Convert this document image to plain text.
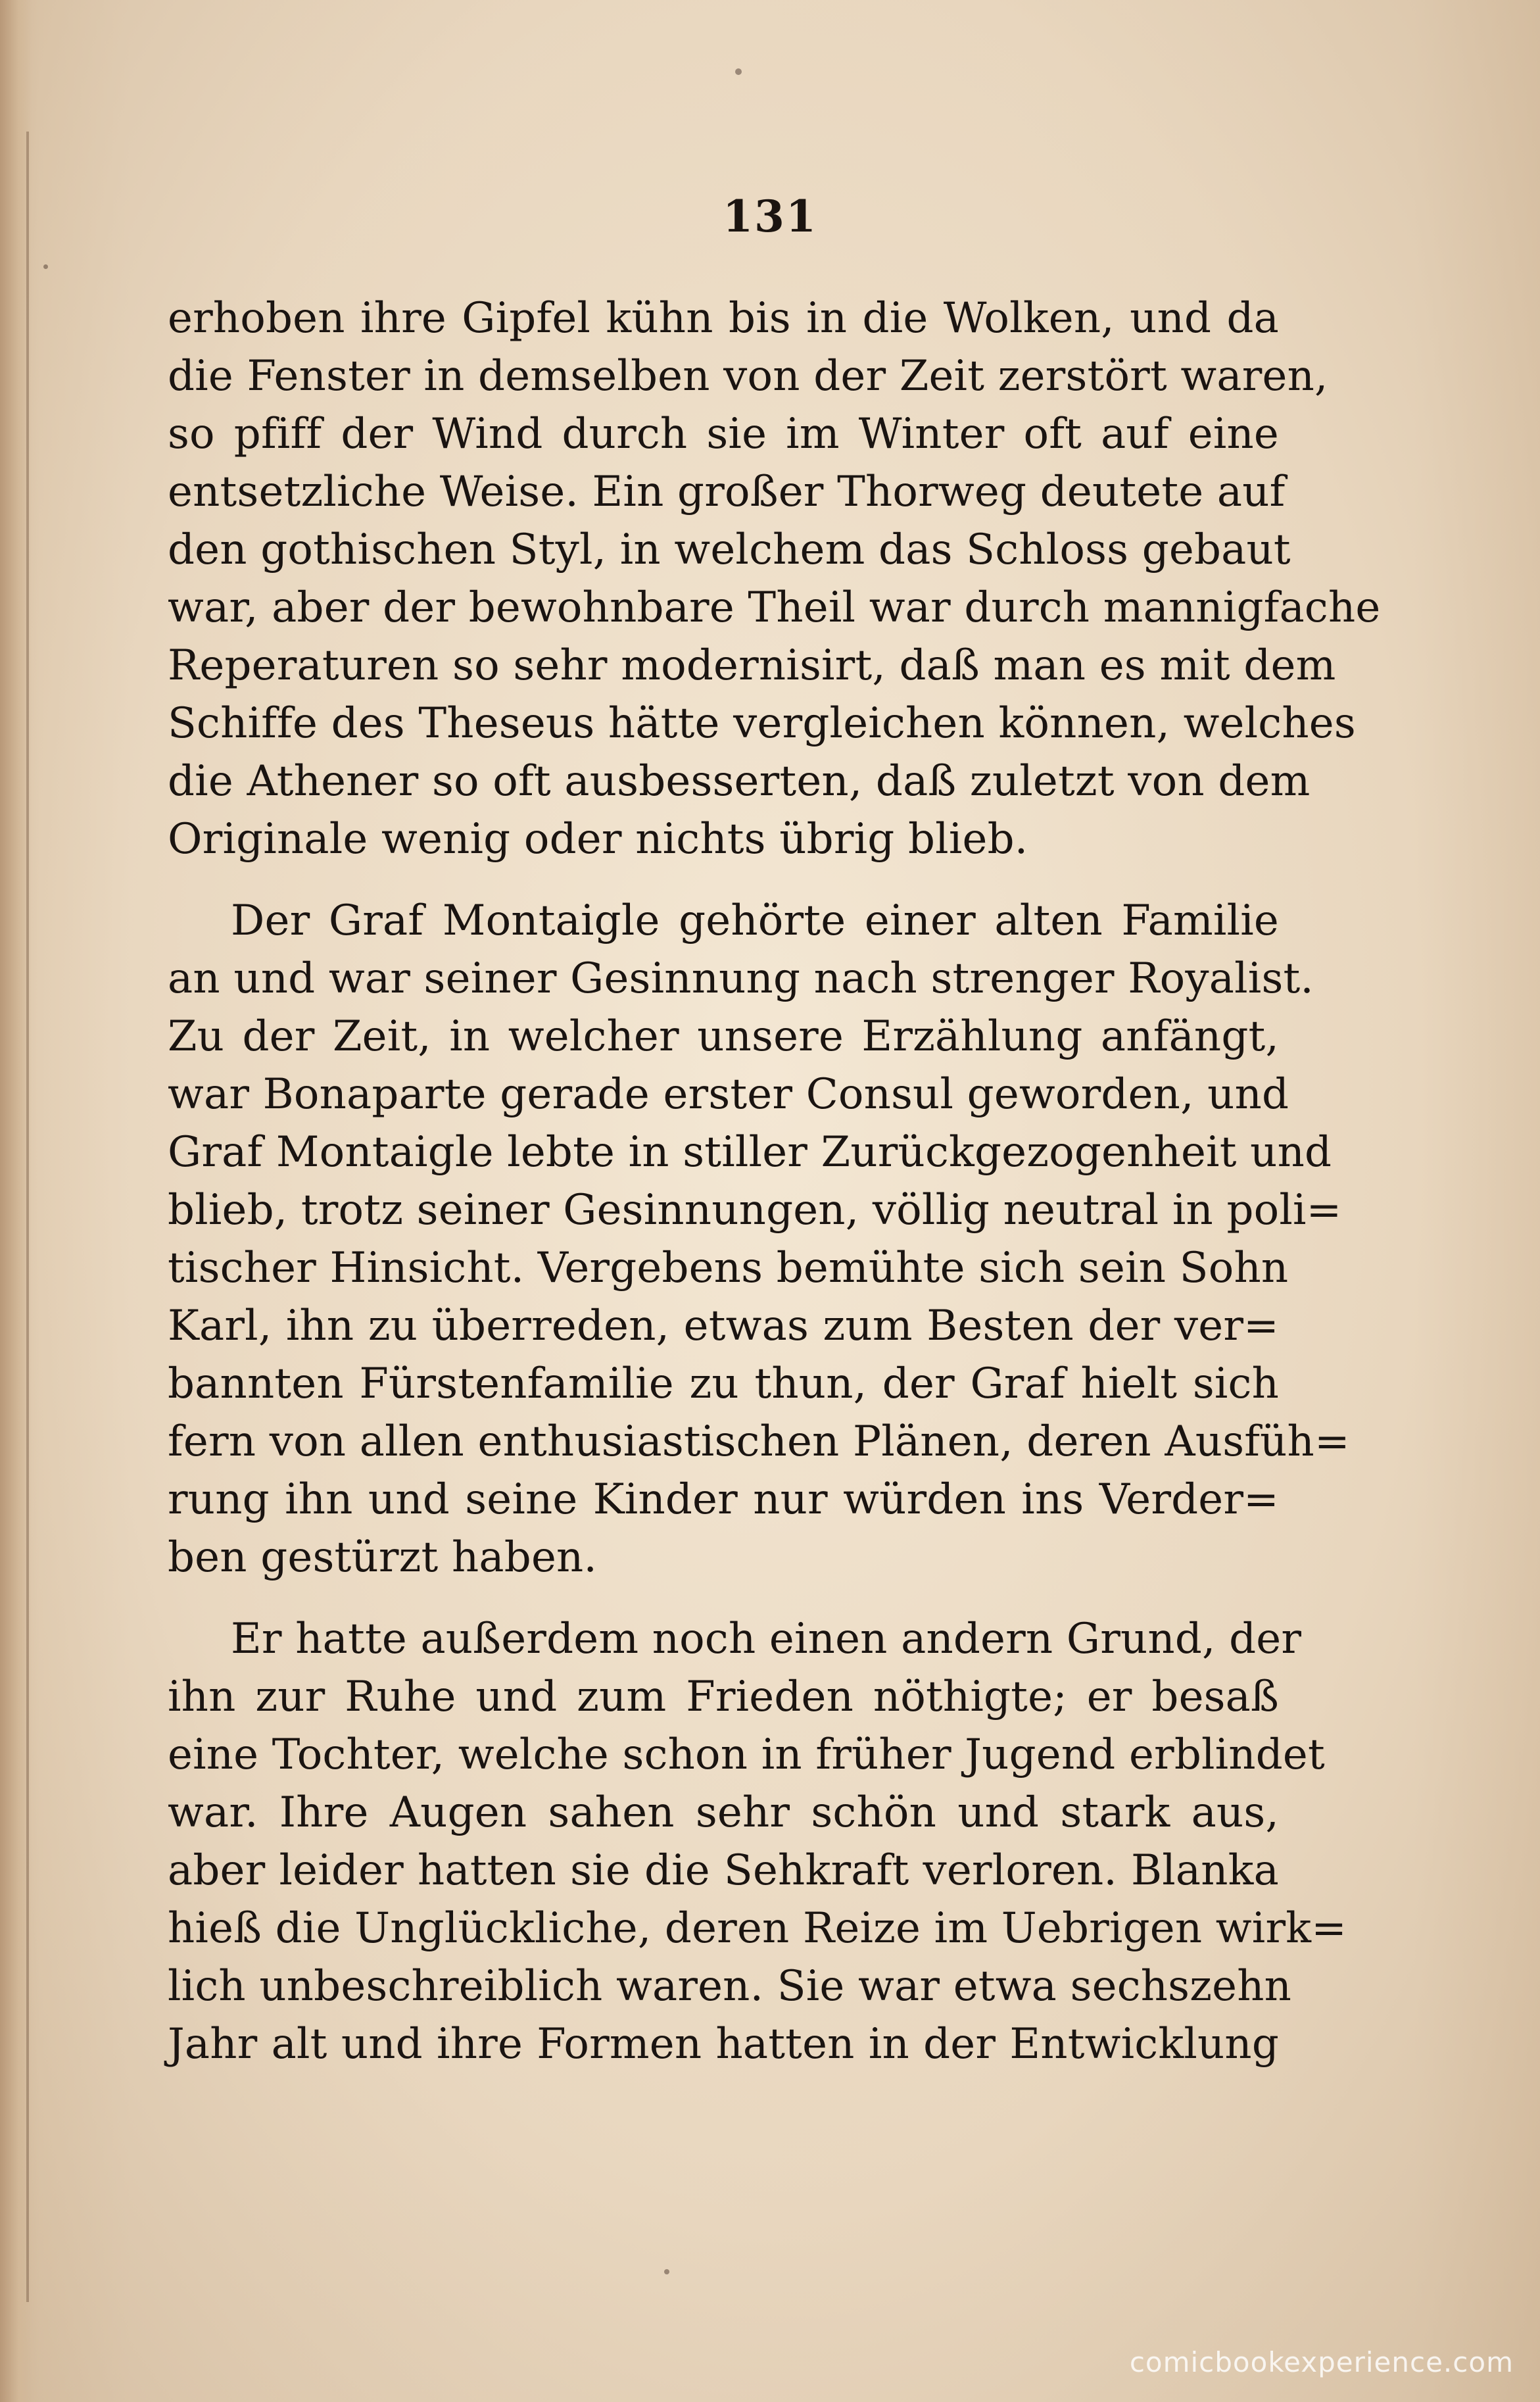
131
erhoben ihre Gipfel kühn bis in die Wolken, und da
die Fenster in demselben von der Zeit zerstört waren,
so pfiff der Wind durch sie im Winter oft auf eine
entsetzliche Weise. Ein großer Thorweg deutete auf
den gothischen Styl, in welchem das Schloss gebaut
war, aber der bewohnbare Theil war durch mannigfache
Reperaturen so sehr modernisirt, daß man es mit dem
Schiffe des Theseus hätte vergleichen können, welches
die Athener so oft ausbesserten, daß zuletzt von dem
Originale wenig oder nichts übrig blieb.
Der Graf Montaigle gehörte einer alten Familie
an und war seiner Gesinnung nach strenger Royalist.
Zu der Zeit, in welcher unsere Erzählung anfängt,
war Bonaparte gerade erster Consul geworden, und
Graf Montaigle lebte in stiller Zurückgezogenheit und
blieb, trotz seiner Gesinnungen, völlig neutral in poli=
tischer Hinsicht. Vergebens bemühte sich sein Sohn
Karl, ihn zu überreden, etwas zum Besten der ver=
bannten Fürstenfamilie zu thun, der Graf hielt sich
fern von allen enthusiastischen Plänen, deren Ausfüh=
rung ihn und seine Kinder nur würden ins Verder=
ben gestürzt haben.
Er hatte außerdem noch einen andern Grund, der
ihn zur Ruhe und zum Frieden nöthigte; er besaß
eine Tochter, welche schon in früher Jugend erblindet
war. Ihre Augen sahen sehr schön und stark aus,
aber leider hatten sie die Sehkraft verloren. Blanka
hieß die Unglückliche, deren Reize im Uebrigen wirk=
lich unbeschreiblich waren. Sie war etwa sechszehn
Jahr alt und ihre Formen hatten in der Entwicklung
comicbookexperience.com
